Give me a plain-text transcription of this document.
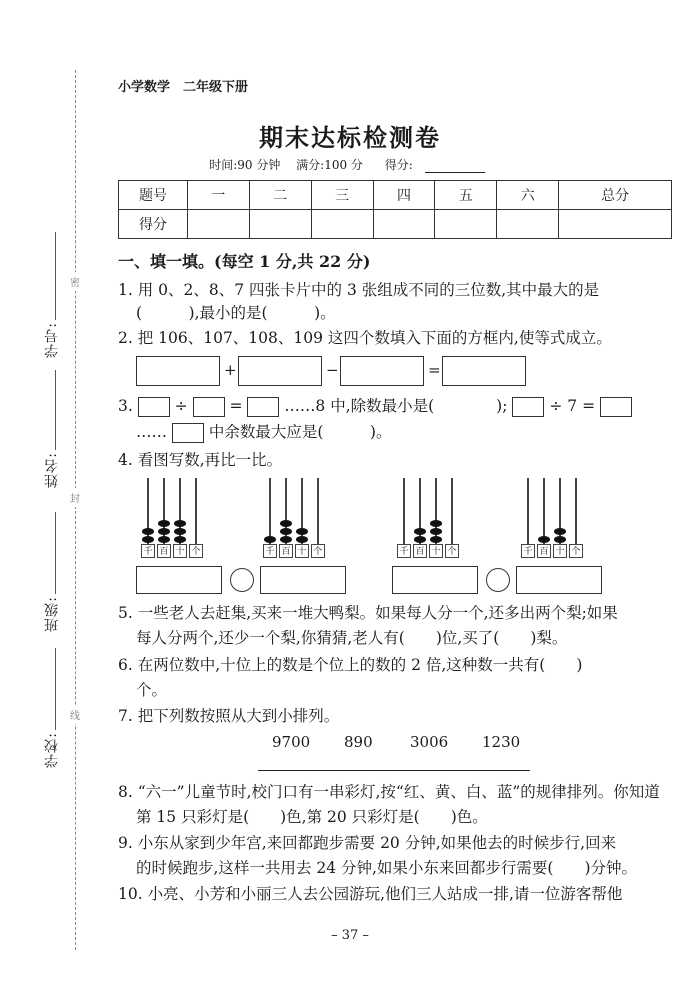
密
封
线
学号:
姓名:
班级:
学校:
小学数学　二年级下册
期末达标检测卷
时间:90 分钟 满分:100 分 得分:
题号	一	二	三	四	五	六	总分
得分							
一、填一填。(每空 1 分,共 22 分)
1. 用 0、2、8、7 四张卡片中的 3 张组成不同的三位数,其中最大的是
(　　　),最小的是(　　　)。
2. 把 106、107、108、109 这四个数填入下面的方框内,使等式成立。
+	−	=
3.	÷	=	……8 中,除数最小是(　　　　);	÷ 7 =
……	中余数最大应是(　　　)。
4. 看图写数,再比一比。
千 百 十 个	千 百 十 个	千 百 十 个	千 百 十 个
5. 一些老人去赶集,买来一堆大鸭梨。如果每人分一个,还多出两个梨;如果
每人分两个,还少一个梨,你猜猜,老人有(　　)位,买了(　　)梨。
6. 在两位数中,十位上的数是个位上的数的 2 倍,这种数一共有(　　)
个。
7. 把下列数按照从大到小排列。
9700 890 3006 1230
8. “六一”儿童节时,校门口有一串彩灯,按“红、黄、白、蓝”的规律排列。你知道
第 15 只彩灯是(　　)色,第 20 只彩灯是(　　)色。
9. 小东从家到少年宫,来回都跑步需要 20 分钟,如果他去的时候步行,回来
的时候跑步,这样一共用去 24 分钟,如果小东来回都步行需要(　　)分钟。
10. 小亮、小芳和小丽三人去公园游玩,他们三人站成一排,请一位游客帮他
– 37 –
